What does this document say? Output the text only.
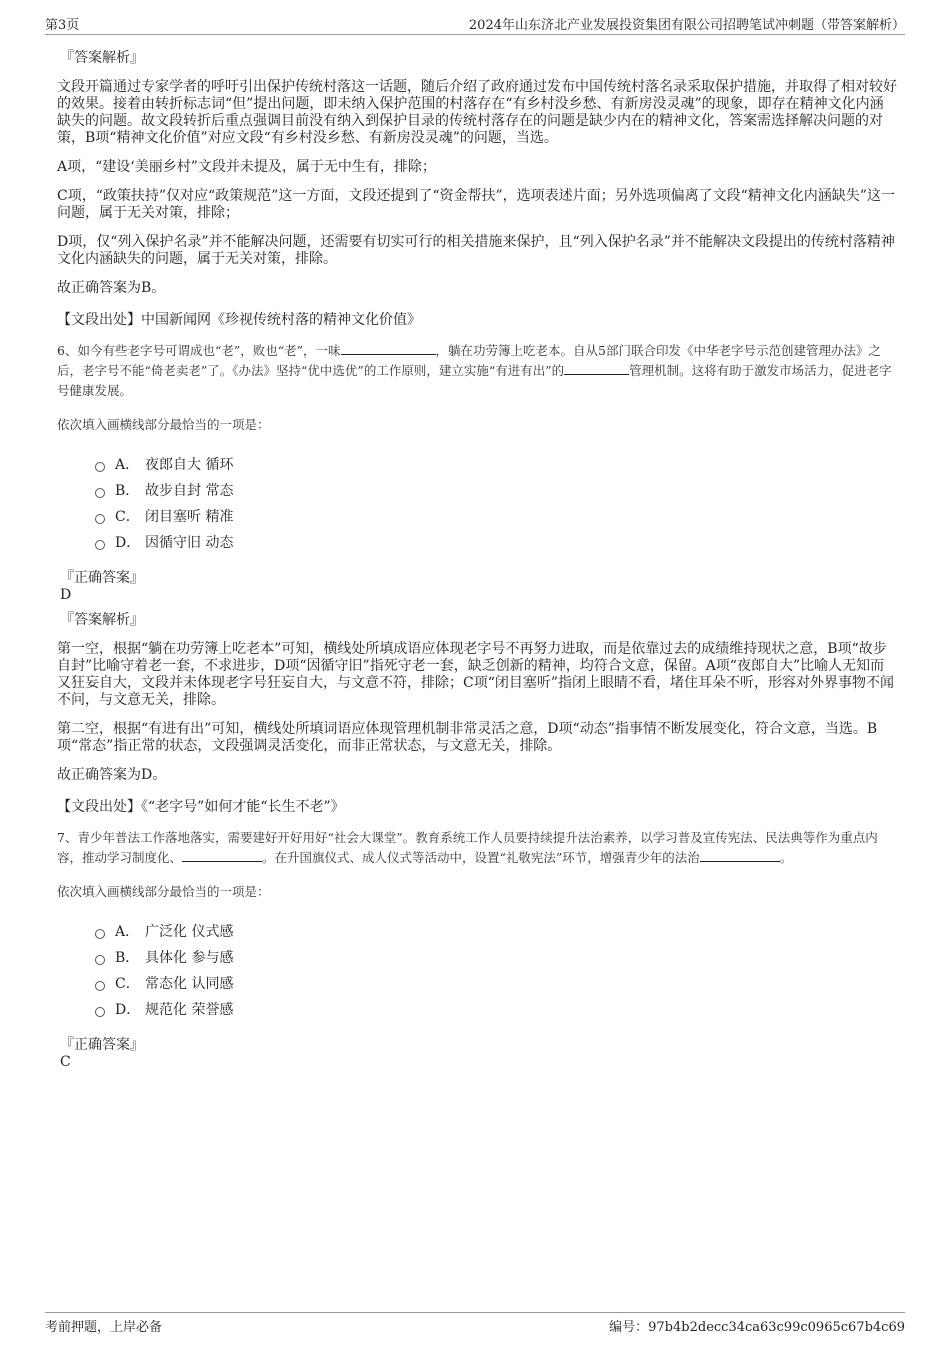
第3页	2024年山东济北产业发展投资集团有限公司招聘笔试冲刺题（带答案解析）
『答案解析』

文段开篇通过专家学者的呼吁引出保护传统村落这一话题，随后介绍了政府通过发布中国传统村落名录采取保护措施，并取得了相对较好的效果。接着由转折标志词“但”提出问题，即未纳入保护范围的村落存在“有乡村没乡愁、有新房没灵魂”的现象，即存在精神文化内涵缺失的问题。故文段转折后重点强调目前没有纳入到保护目录的传统村落存在的问题是缺少内在的精神文化，答案需选择解决问题的对策，B项“精神文化价值”对应文段“有乡村没乡愁、有新房没灵魂”的问题，当选。

A项，“建设‘美丽乡村”文段并未提及，属于无中生有，排除；

C项，“政策扶持”仅对应“政策规范”这一方面，文段还提到了“资金帮扶”，选项表述片面；另外选项偏离了文段“精神文化内涵缺失”这一问题，属于无关对策，排除；

D项，仅“列入保护名录”并不能解决问题，还需要有切实可行的相关措施来保护，且“列入保护名录”并不能解决文段提出的传统村落精神文化内涵缺失的问题，属于无关对策，排除。

故正确答案为B。

【文段出处】中国新闻网《珍视传统村落的精神文化价值》

6、如今有些老字号可谓成也“老”，败也“老”，一味	，躺在功劳簿上吃老本。自从5部门联合印发《中华老字号示范创建管理办法》之后，老字号不能“倚老卖老”了。《办法》坚持“优中选优”的工作原则，建立实施“有进有出”的	管理机制。这将有助于激发市场活力，促进老字号健康发展。

依次填入画横线部分最恰当的一项是：

A． 夜郎自大 循环
B． 故步自封 常态
C． 闭目塞听 精准
D． 因循守旧 动态
『正确答案』
D
『答案解析』

第一空，根据“躺在功劳簿上吃老本”可知，横线处所填成语应体现老字号不再努力进取，而是依靠过去的成绩维持现状之意，B项“故步自封”比喻守着老一套，不求进步，D项“因循守旧”指死守老一套，缺乏创新的精神，均符合文意，保留。A项“夜郎自大”比喻人无知而又狂妄自大，文段并未体现老字号狂妄自大，与文意不符，排除；C项“闭目塞听”指闭上眼睛不看，堵住耳朵不听，形容对外界事物不闻不问，与文意无关，排除。

第二空，根据“有进有出”可知，横线处所填词语应体现管理机制非常灵活之意，D项“动态”指事情不断发展变化，符合文意，当选。B项“常态”指正常的状态，文段强调灵活变化，而非正常状态，与文意无关，排除。

故正确答案为D。

【文段出处】《“老字号”如何才能“长生不老”》

7、青少年普法工作落地落实，需要建好开好用好“社会大课堂”。教育系统工作人员要持续提升法治素养，以学习普及宣传宪法、民法典等作为重点内容，推动学习制度化、	。在升国旗仪式、成人仪式等活动中，设置“礼敬宪法”环节，增强青少年的法治	。

依次填入画横线部分最恰当的一项是：

A． 广泛化 仪式感
B． 具体化 参与感
C． 常态化 认同感
D． 规范化 荣誉感
『正确答案』
C
考前押题，上岸必备	编号：97b4b2decc34ca63c99c0965c67b4c69
